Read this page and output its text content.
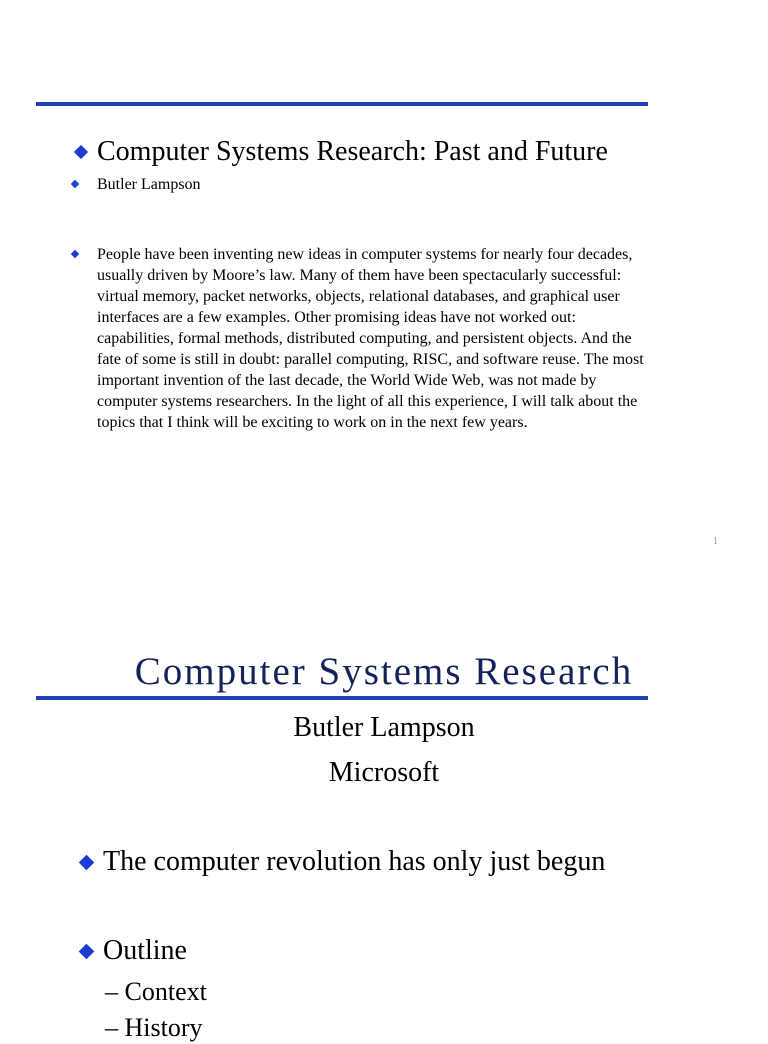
Computer Systems Research: Past and Future
Butler Lampson
People have been inventing new ideas in computer systems for nearly four decades,
usually driven by Moore’s law. Many of them have been spectacularly successful:
virtual memory, packet networks, objects, relational databases, and graphical user
interfaces are a few examples. Other promising ideas have not worked out:
capabilities, formal methods, distributed computing, and persistent objects. And the
fate of some is still in doubt: parallel computing, RISC, and software reuse. The most
important invention of the last decade, the World Wide Web, was not made by
computer systems researchers. In the light of all this experience, I will talk about the
topics that I think will be exciting to work on in the next few years.
1
Computer Systems Research
Butler Lampson
Microsoft
The computer revolution has only just begun
Outline
– Context
– History
